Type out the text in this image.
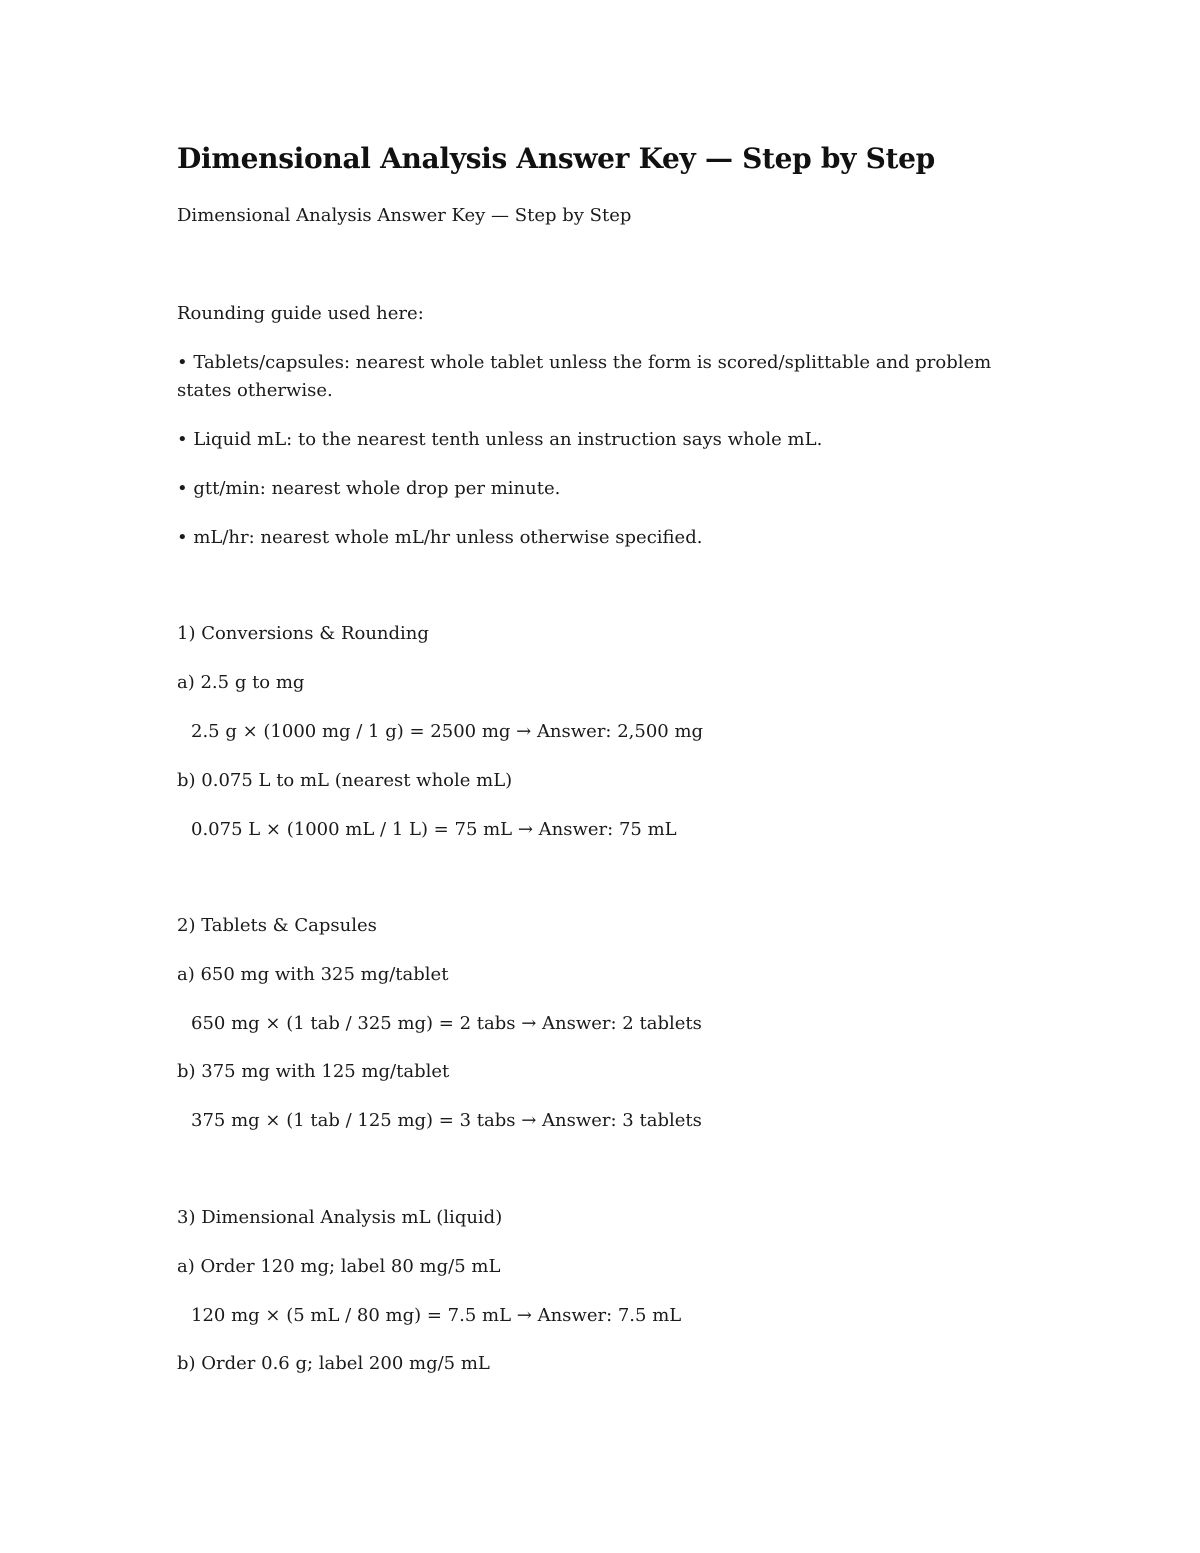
Dimensional Analysis Answer Key — Step by Step

Dimensional Analysis Answer Key — Step by Step

Rounding guide used here:

• Tablets/capsules: nearest whole tablet unless the form is scored/splittable and problem states otherwise.

• Liquid mL: to the nearest tenth unless an instruction says whole mL.

• gtt/min: nearest whole drop per minute.

• mL/hr: nearest whole mL/hr unless otherwise specified.

1) Conversions & Rounding

a) 2.5 g to mg

2.5 g × (1000 mg / 1 g) = 2500 mg → Answer: 2,500 mg

b) 0.075 L to mL (nearest whole mL)

0.075 L × (1000 mL / 1 L) = 75 mL → Answer: 75 mL

2) Tablets & Capsules

a) 650 mg with 325 mg/tablet

650 mg × (1 tab / 325 mg) = 2 tabs → Answer: 2 tablets

b) 375 mg with 125 mg/tablet

375 mg × (1 tab / 125 mg) = 3 tabs → Answer: 3 tablets

3) Dimensional Analysis mL (liquid)

a) Order 120 mg; label 80 mg/5 mL

120 mg × (5 mL / 80 mg) = 7.5 mL → Answer: 7.5 mL

b) Order 0.6 g; label 200 mg/5 mL
